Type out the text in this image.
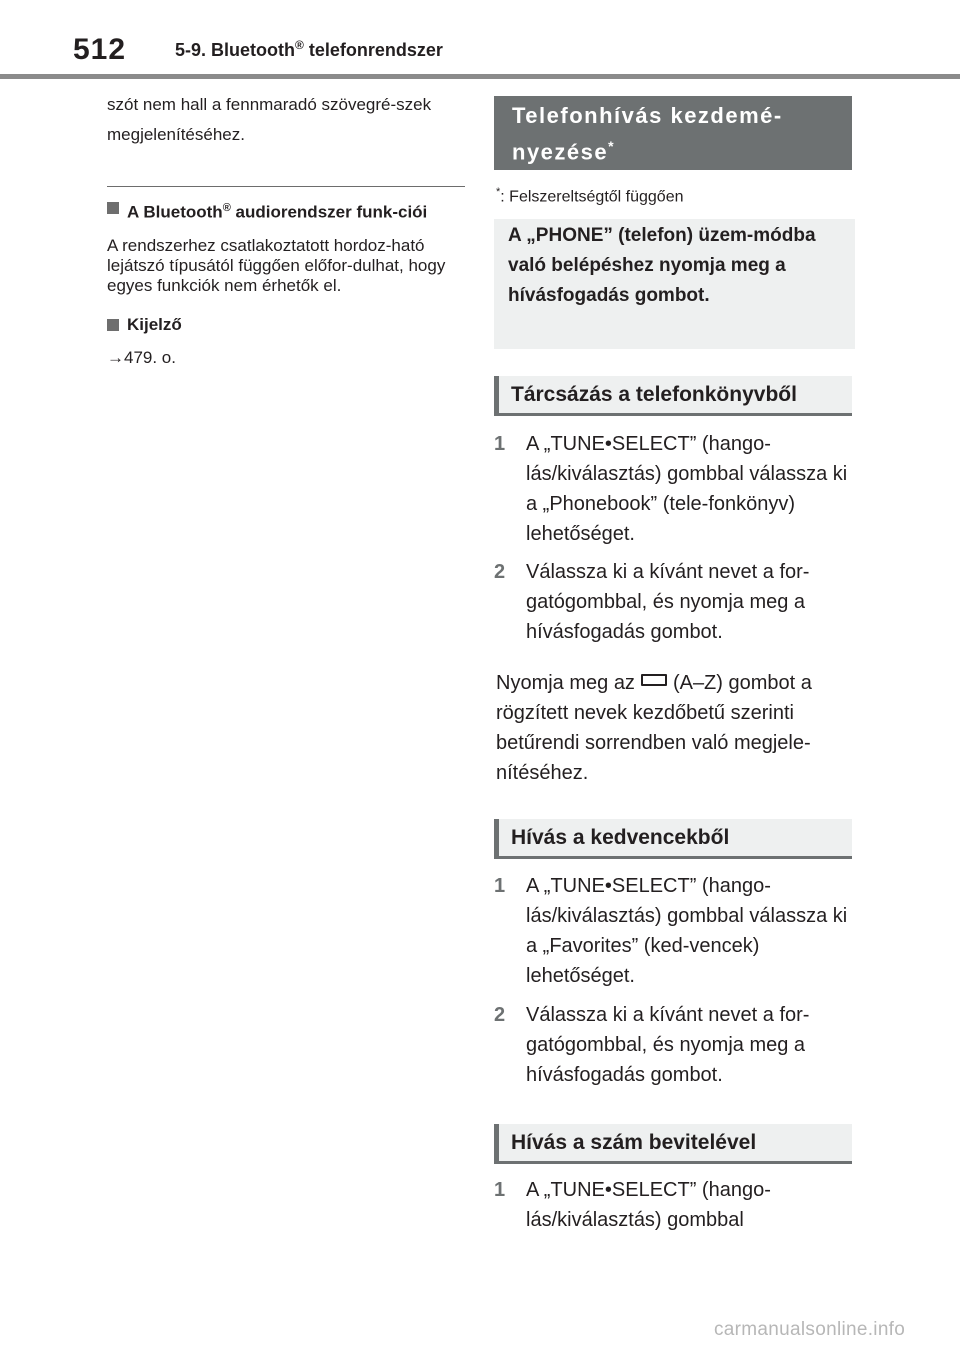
512	5-9. Bluetooth® telefonrendszer

szót nem hall a fennmaradó szövegré-szek megjelenítéséhez.

A Bluetooth® audiorendszer funk-ciói

A rendszerhez csatlakoztatott hordoz-ható lejátszó típusától függően előfor-dulhat, hogy egyes funkciók nem érhetők el.

Kijelző
→479. o.
Telefonhívás kezdemé-
nyezése*
*: Felszereltségtől függően
A „PHONE” (telefon) üzem-módba való belépéshez nyomja meg a hívásfogadás gombot.
Tárcsázás a telefonkönyvből
1 A „TUNE•SELECT” (hango-lás/kiválasztás) gombbal válassza ki a „Phonebook” (tele-fonkönyv) lehetőséget.
2 Válassza ki a kívánt nevet a for-gatógombbal, és nyomja meg a hívásfogadás gombot.
Nyomja meg az (A–Z) gombot a rögzített nevek kezdőbetű szerinti betűrendi sorrendben való megjele-nítéséhez.
Hívás a kedvencekből
1 A „TUNE•SELECT” (hango-lás/kiválasztás) gombbal válassza ki a „Favorites” (ked-vencek) lehetőséget.
2 Válassza ki a kívánt nevet a for-gatógombbal, és nyomja meg a hívásfogadás gombot.
Hívás a szám bevitelével
1 A „TUNE•SELECT” (hango-lás/kiválasztás) gombbal
carmanualsonline.info
